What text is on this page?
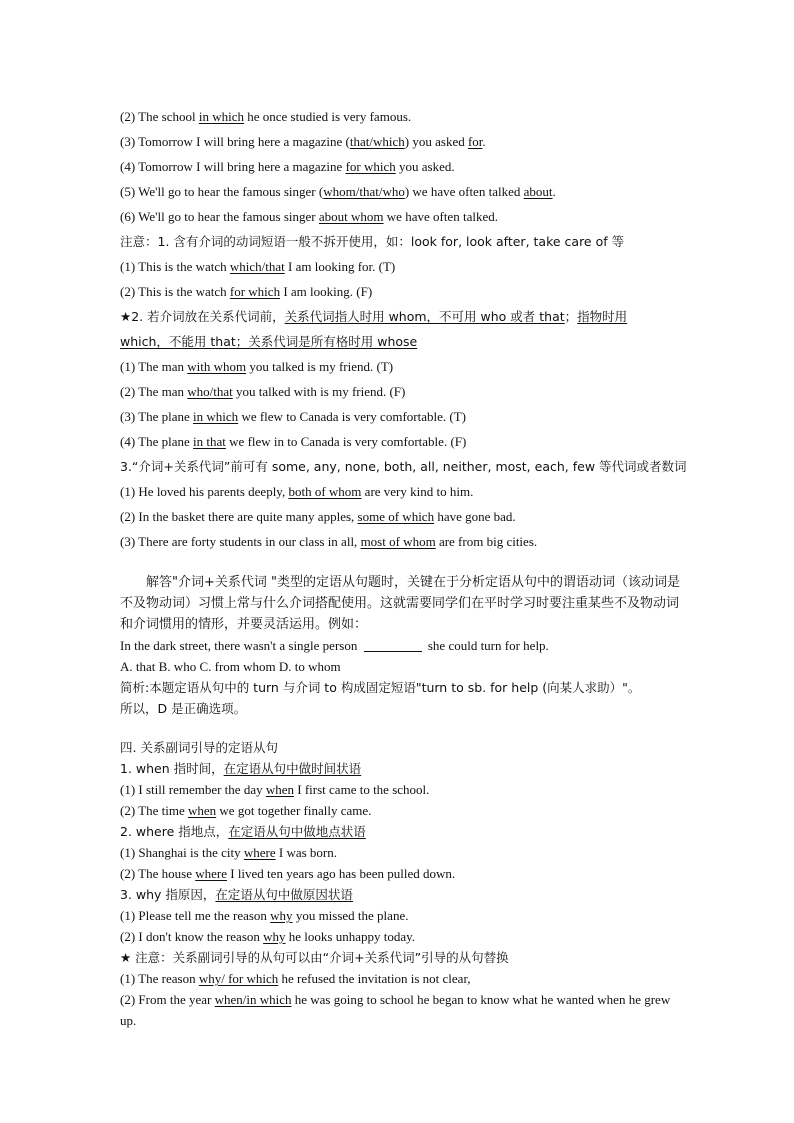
(2) The school in which he once studied is very famous.
(3) Tomorrow I will bring here a magazine (that/which) you asked for.
(4) Tomorrow I will bring here a magazine for which you asked.
(5) We'll go to hear the famous singer (whom/that/who) we have often talked about.
(6) We'll go to hear the famous singer about whom we have often talked.
注意：1. 含有介词的动词短语一般不拆开使用，如：look for, look after, take care of 等
(1) This is the watch which/that I am looking for. (T)
(2) This is the watch for which I am looking. (F)
★2. 若介词放在关系代词前，关系代词指人时用 whom，不可用 who 或者 that；指物时用
which，不能用 that；关系代词是所有格时用 whose
(1) The man with whom you talked is my friend. (T)
(2) The man who/that you talked with is my friend. (F)
(3) The plane in which we flew to Canada is very comfortable. (T)
(4) The plane in that we flew in to Canada is very comfortable. (F)
3.“介词+关系代词”前可有 some, any, none, both, all, neither, most, each, few 等代词或者数词
(1) He loved his parents deeply, both of whom are very kind to him.
(2) In the basket there are quite many apples, some of which have gone bad.
(3) There are forty students in our class in all, most of whom are from big cities.
解答"介词+关系代词 "类型的定语从句题时，关键在于分析定语从句中的谓语动词（该动词是不及物动词）习惯上常与什么介词搭配使用。这就需要同学们在平时学习时要注重某些不及物动词和介词惯用的情形，并要灵活运用。例如：
In the dark street, there wasn't a single person	she could turn for help.
A. that B. who C. from whom D. to whom
简析:本题定语从句中的 turn 与介词 to 构成固定短语"turn to sb. for help (向某人求助）"。
所以，D 是正确选项。
四. 关系副词引导的定语从句
1. when 指时间，在定语从句中做时间状语
(1) I still remember the day when I first came to the school.
(2) The time when we got together finally came.
2. where 指地点，在定语从句中做地点状语
(1) Shanghai is the city where I was born.
(2) The house where I lived ten years ago has been pulled down.
3. why 指原因，在定语从句中做原因状语
(1) Please tell me the reason why you missed the plane.
(2) I don't know the reason why he looks unhappy today.
★ 注意：关系副词引导的从句可以由“介词+关系代词”引导的从句替换
(1) The reason why/ for which he refused the invitation is not clear,
(2) From the year when/in which he was going to school he began to know what he wanted when he grew up.
